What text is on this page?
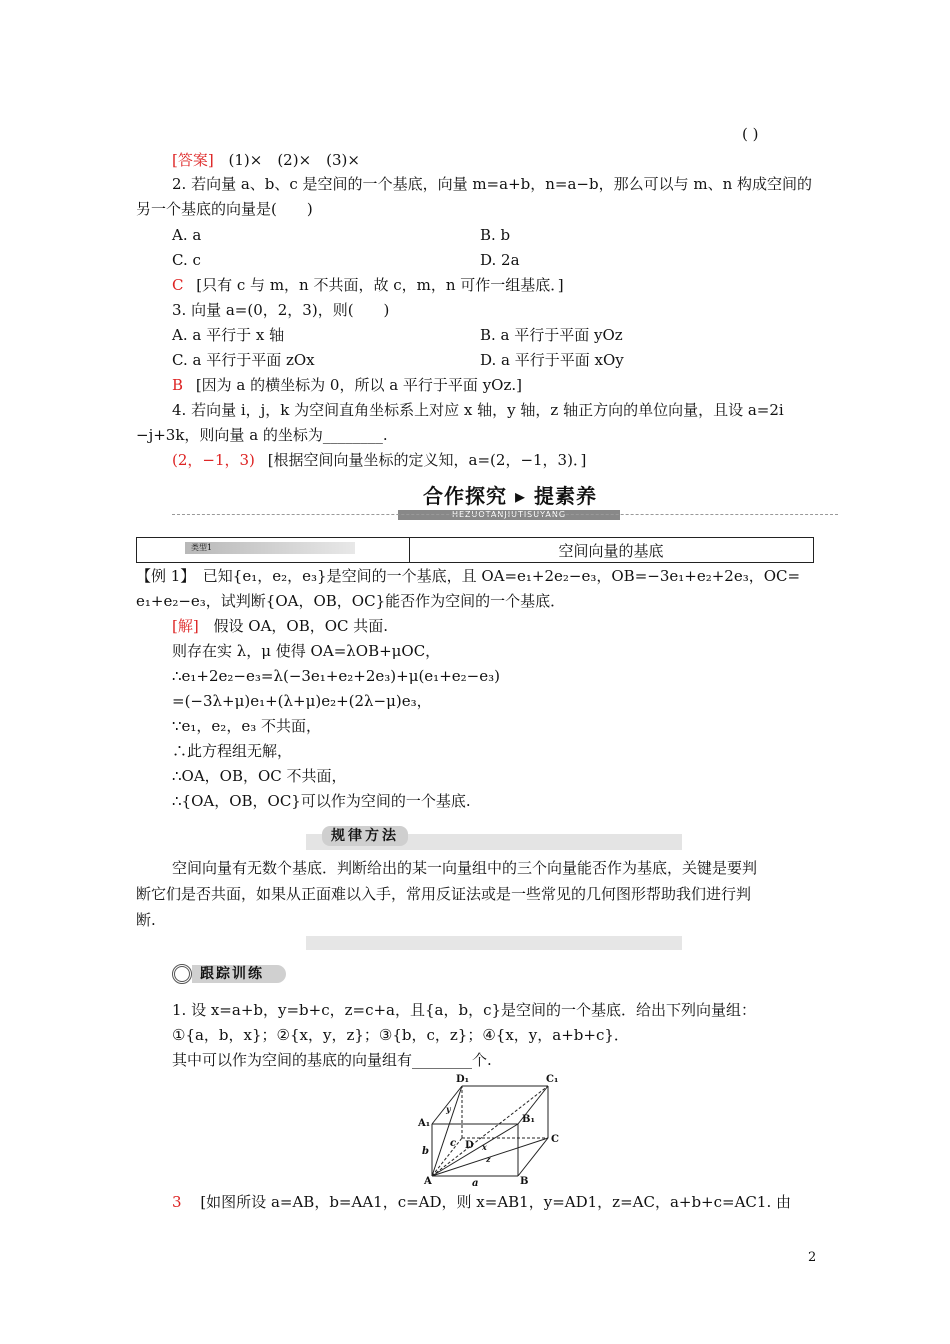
( )
[答案] (1)×　(2)×　(3)×
2. 若向量 a、b、c 是空间的一个基底，向量 m=a+b，n=a−b，那么可以与 m、n 构成空间的
另一个基底的向量是(　　)
A. a	B. b
C. c	D. 2a
C [只有 c 与 m，n 不共面，故 c，m，n 可作一组基底．]
3. 向量 a=(0，2，3)，则(　　)
A. a 平行于 x 轴	B. a 平行于平面 yOz
C. a 平行于平面 zOx	D. a 平行于平面 xOy
B [因为 a 的横坐标为 0，所以 a 平行于平面 yOz.]
4. 若向量 i，j，k 为空间直角坐标系上对应 x 轴，y 轴，z 轴正方向的单位向量，且设 a=2i
−j+3k，则向量 a 的坐标为________.
(2，−1，3) [根据空间向量坐标的定义知，a=(2，−1，3)．]
合作探究 ▸ 提素养
HEZUOTANJIUTISUYANG
类型1	空间向量的基底
【例 1】　已知{e₁，e₂，e₃}是空间的一个基底，且 OA=e₁+2e₂−e₃，OB=−3e₁+e₂+2e₃，OC=
e₁+e₂−e₃，试判断{OA，OB，OC}能否作为空间的一个基底．
[解] 假设 OA，OB，OC 共面.
则存在实 λ，μ 使得 OA=λOB+μOC，
∴e₁+2e₂−e₃=λ(−3e₁+e₂+2e₃)+μ(e₁+e₂−e₃)
=(−3λ+μ)e₁+(λ+μ)e₂+(2λ−μ)e₃，
∵e₁，e₂，e₃ 不共面，
∴此方程组无解，
∴OA，OB，OC 不共面，
∴{OA，OB，OC}可以作为空间的一个基底.
规律方法
空间向量有无数个基底．判断给出的某一向量组中的三个向量能否作为基底，关键是要判
断它们是否共面，如果从正面难以入手，常用反证法或是一些常见的几何图形帮助我们进行判
断.
跟踪训练
1. 设 x=a+b，y=b+c，z=c+a，且{a，b，c}是空间的一个基底．给出下列向量组：
①{a，b，x}；②{x，y，z}；③{b，c，z}；④{x，y，a+b+c}．
其中可以作为空间的基底的向量组有________个.
D₁	C₁
A₁	B₁
D
C
A	B
a
b
c	x
y
z
3 [如图所设 a=AB，b=AA1，c=AD，则 x=AB1，y=AD1，z=AC，a+b+c=AC1. 由
2
